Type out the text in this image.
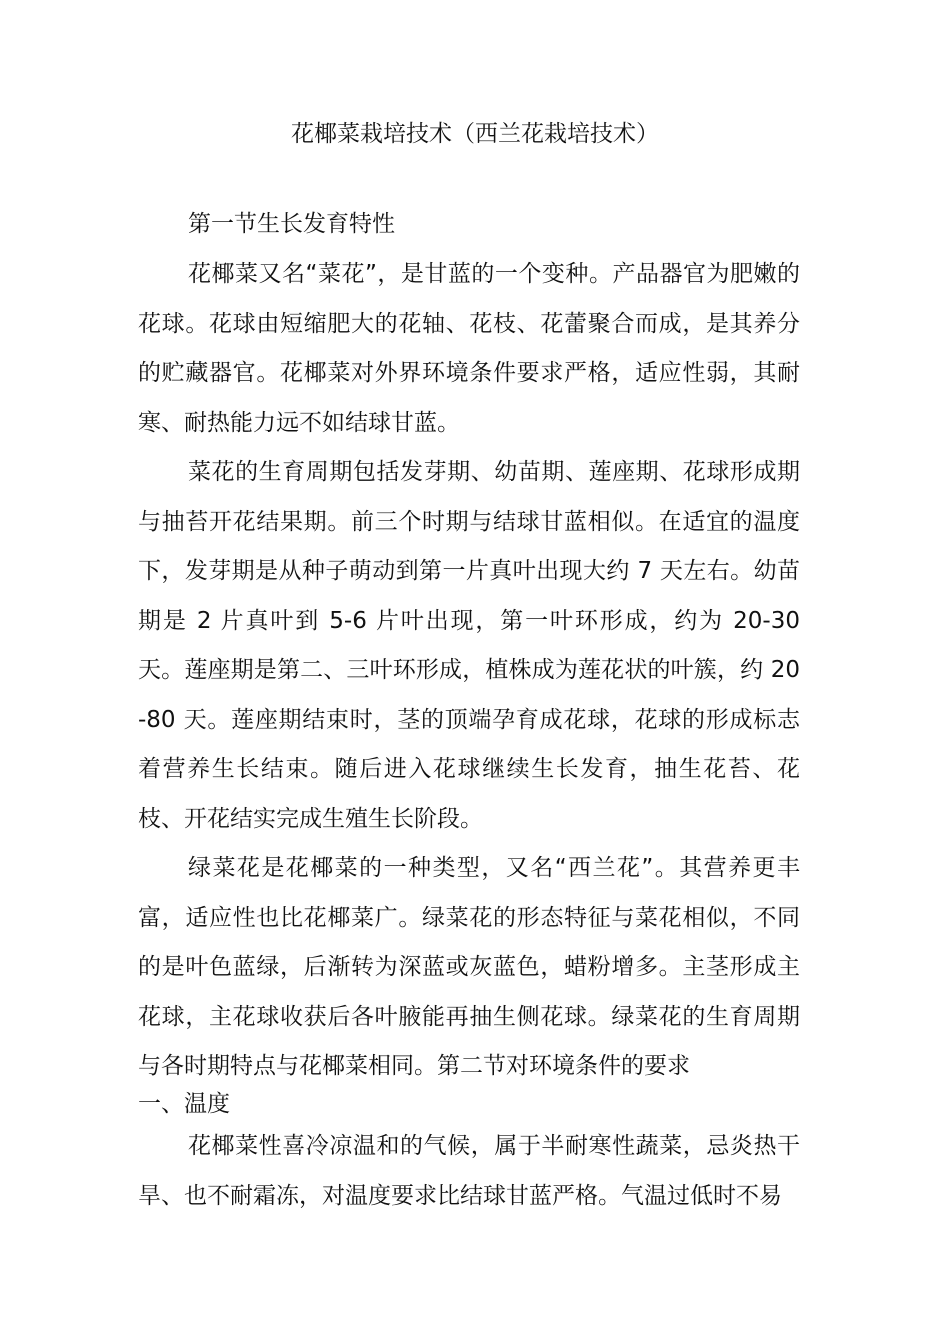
花椰菜栽培技术（西兰花栽培技术）
第一节生长发育特性

花椰菜又名“菜花”，是甘蓝的一个变种。产品器官为肥嫩的花球。花球由短缩肥大的花轴、花枝、花蕾聚合而成，是其养分的贮藏器官。花椰菜对外界环境条件要求严格，适应性弱，其耐寒、耐热能力远不如结球甘蓝。

菜花的生育周期包括发芽期、幼苗期、莲座期、花球形成期与抽苔开花结果期。前三个时期与结球甘蓝相似。在适宜的温度下，发芽期是从种子萌动到第一片真叶出现大约 7 天左右。幼苗期是 2 片真叶到 5-6 片叶出现，第一叶环形成，约为 20-30 天。莲座期是第二、三叶环形成，植株成为莲花状的叶簇，约 20-80 天。莲座期结束时，茎的顶端孕育成花球，花球的形成标志着营养生长结束。随后进入花球继续生长发育，抽生花苔、花枝、开花结实完成生殖生长阶段。

绿菜花是花椰菜的一种类型，又名“西兰花”。其营养更丰富，适应性也比花椰菜广。绿菜花的形态特征与菜花相似，不同的是叶色蓝绿，后渐转为深蓝或灰蓝色，蜡粉增多。主茎形成主花球，主花球收获后各叶腋能再抽生侧花球。绿菜花的生育周期与各时期特点与花椰菜相同。第二节对环境条件的要求

一、温度

花椰菜性喜冷凉温和的气候，属于半耐寒性蔬菜，忌炎热干旱、也不耐霜冻，对温度要求比结球甘蓝严格。气温过低时不易
